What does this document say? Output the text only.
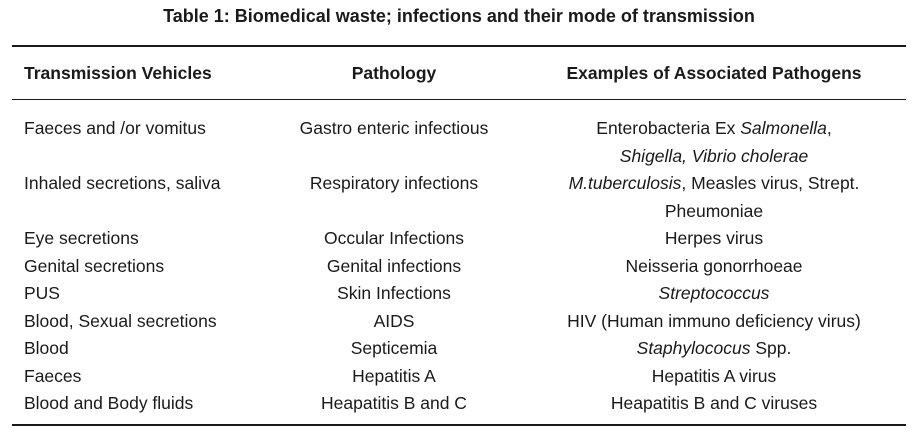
Table 1: Biomedical waste; infections and their mode of transmission
Transmission Vehicles	Pathology	Examples of Associated Pathogens
Faeces and /or vomitus	Gastro enteric infectious	Enterobacteria Ex Salmonella,
Shigella, Vibrio cholerae
Inhaled secretions, saliva	Respiratory infections	M.tuberculosis, Measles virus, Strept.
Pheumoniae
Eye secretions	Occular Infections	Herpes virus
Genital secretions	Genital infections	Neisseria gonorrhoeae
PUS	Skin Infections	Streptococcus
Blood, Sexual secretions	AIDS	HIV (Human immuno deficiency virus)
Blood	Septicemia	Staphylococus Spp.
Faeces	Hepatitis A	Hepatitis A virus
Blood and Body fluids	Heapatitis B and C	Heapatitis B and C viruses
